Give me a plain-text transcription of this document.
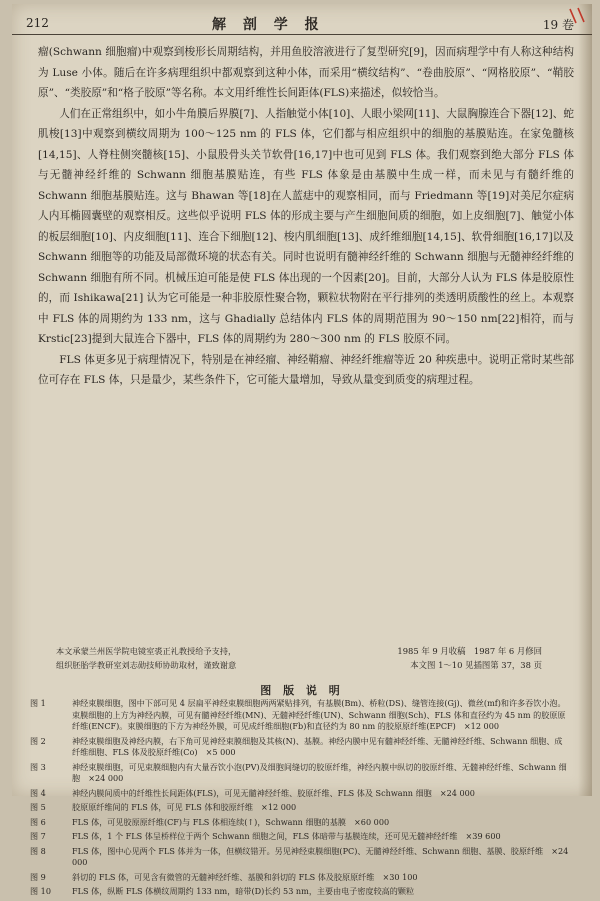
212	解 剖 学 报	19 卷

瘤(Schwann 细胞瘤)中观察到梭形长周期结构，并用鱼胶溶液进行了复型研究[9]，因而病理学中有人称这种结构为 Luse 小体。随后在许多病理组织中都观察到这种小体，而采用“横纹结构”、“卷曲胶原”、“网格胶原”、“鞘胶原”、“类胶原”和“格子胶原”等名称。本文用纤维性长间距体(FLS)来描述，似较恰当。

人们在正常组织中，如小牛角膜后界膜[7]、人指触觉小体[10]、人眼小梁网[11]、大鼠胸腺连合下器[12]、蛇肌梭[13]中观察到横纹周期为 100～125 nm 的 FLS 体，它们都与相应组织中的细胞的基膜贴连。在家兔髓核[14,15]、人脊柱侧突髓核[15]、小鼠股骨头关节软骨[16,17]中也可见到 FLS 体。我们观察到绝大部分 FLS 体与无髓神经纤维的 Schwann 细胞基膜贴连，有些 FLS 体象是由基膜中生成一样，而未见与有髓纤维的 Schwann 细胞基膜贴连。这与 Bhawan 等[18]在人蓝痣中的观察相同，而与 Friedmann 等[19]对美尼尔症病人内耳椭圆囊壁的观察相反。这些似乎说明 FLS 体的形成主要与产生细胞间质的细胞，如上皮细胞[7]、触觉小体的板层细胞[10]、内皮细胞[11]、连合下细胞[12]、梭内肌细胞[13]、成纤维细胞[14,15]、软骨细胞[16,17]以及 Schwann 细胞等的功能及局部微环境的状态有关。同时也说明有髓神经纤维的 Schwann 细胞与无髓神经纤维的 Schwann 细胞有所不同。机械压迫可能是使 FLS 体出现的一个因素[20]。目前，大部分人认为 FLS 体是胶原性的，而 Ishikawa[21] 认为它可能是一种非胶原性聚合物，颗粒状物附在平行排列的类透明质酸性的丝上。本观察中 FLS 体的周期约为 133 nm，这与 Ghadially 总结体内 FLS 体的周期范围为 90～150 nm[22]相符，而与 Krstic[23]提到大鼠连合下器中，FLS 体的周期约为 280～300 nm 的 FLS 胶原不同。

FLS 体更多见于病理情况下，特别是在神经瘤、神经鞘瘤、神经纤维瘤等近 20 种疾患中。说明正常时某些部位可存在 FLS 体，只是量少，某些条件下，它可能大量增加，导致从量变到质变的病理过程。

本文承蒙兰州医学院电镜室裘正礼教授给予支持，

组织胚胎学教研室刘志勋技师协助取材，谨致谢意

1985 年 9 月收稿　1987 年 6 月修回

本文图 1～10 见插图第 37，38 页

图 版 说 明
图 1	神经束膜细胞，图中下部可见 4 层扁平神经束膜细胞两两紧贴排列，有基膜(Bm)、桥粒(DS)、缝管连接(Gj)、微丝(mf)和许多吞饮小泡。束膜细胞的上方为神经内膜，可见有髓神经纤维(MN)、无髓神经纤维(UN)、Schwann 细胞(Sch)、FLS 体和直径约为 45 nm 的胶原原纤维(ENCF)。束膜细胞的下方为神经外膜，可见成纤维细胞(Fb)和直径约为 80 nm 的胶原原纤维(EPCF)　×12 000
图 2	神经束膜细胞及神经内膜，右下角可见神经束膜细胞及其核(N)、基膜。神经内膜中见有髓神经纤维、无髓神经纤维、Schwann 细胞、成纤维细胞、FLS 体及胶原纤维(Co)　×5 000
图 3	神经束膜细胞，可见束膜细胞内有大量吞饮小泡(PV)及细胞间缝切的胶原纤维，神经内膜中纵切的胶原纤维、无髓神经纤维、Schwann 细胞　×24 000
图 4	神经内膜间质中的纤维性长间距体(FLS)，可见无髓神经纤维、胶原纤维、FLS 体及 Schwann 细胞　×24 000
图 5	胶原原纤维间的 FLS 体，可见 FLS 体和胶原纤维　×12 000
图 6	FLS 体，可见胶原原纤维(CF)与 FLS 体相连续(↑)，Schwann 细胞的基膜　×60 000
图 7	FLS 体，1 个 FLS 体呈桥样位于两个 Schwann 细胞之间，FLS 体暗带与基膜连续，还可见无髓神经纤维　×39 600
图 8	FLS 体，图中心见两个 FLS 体并为一体，但横纹错开。另见神经束膜细胞(PC)、无髓神经纤维、Schwann 细胞、基膜、胶原纤维　×24 000
图 9	斜切的 FLS 体，可见含有微管的无髓神经纤维、基膜和斜切的 FLS 体及胶原原纤维　×30 100
图 10	FLS 体，纵断 FLS 体横纹周期约 133 nm，暗带(D)长约 53 nm，主要由电子密度较高的颗粒
